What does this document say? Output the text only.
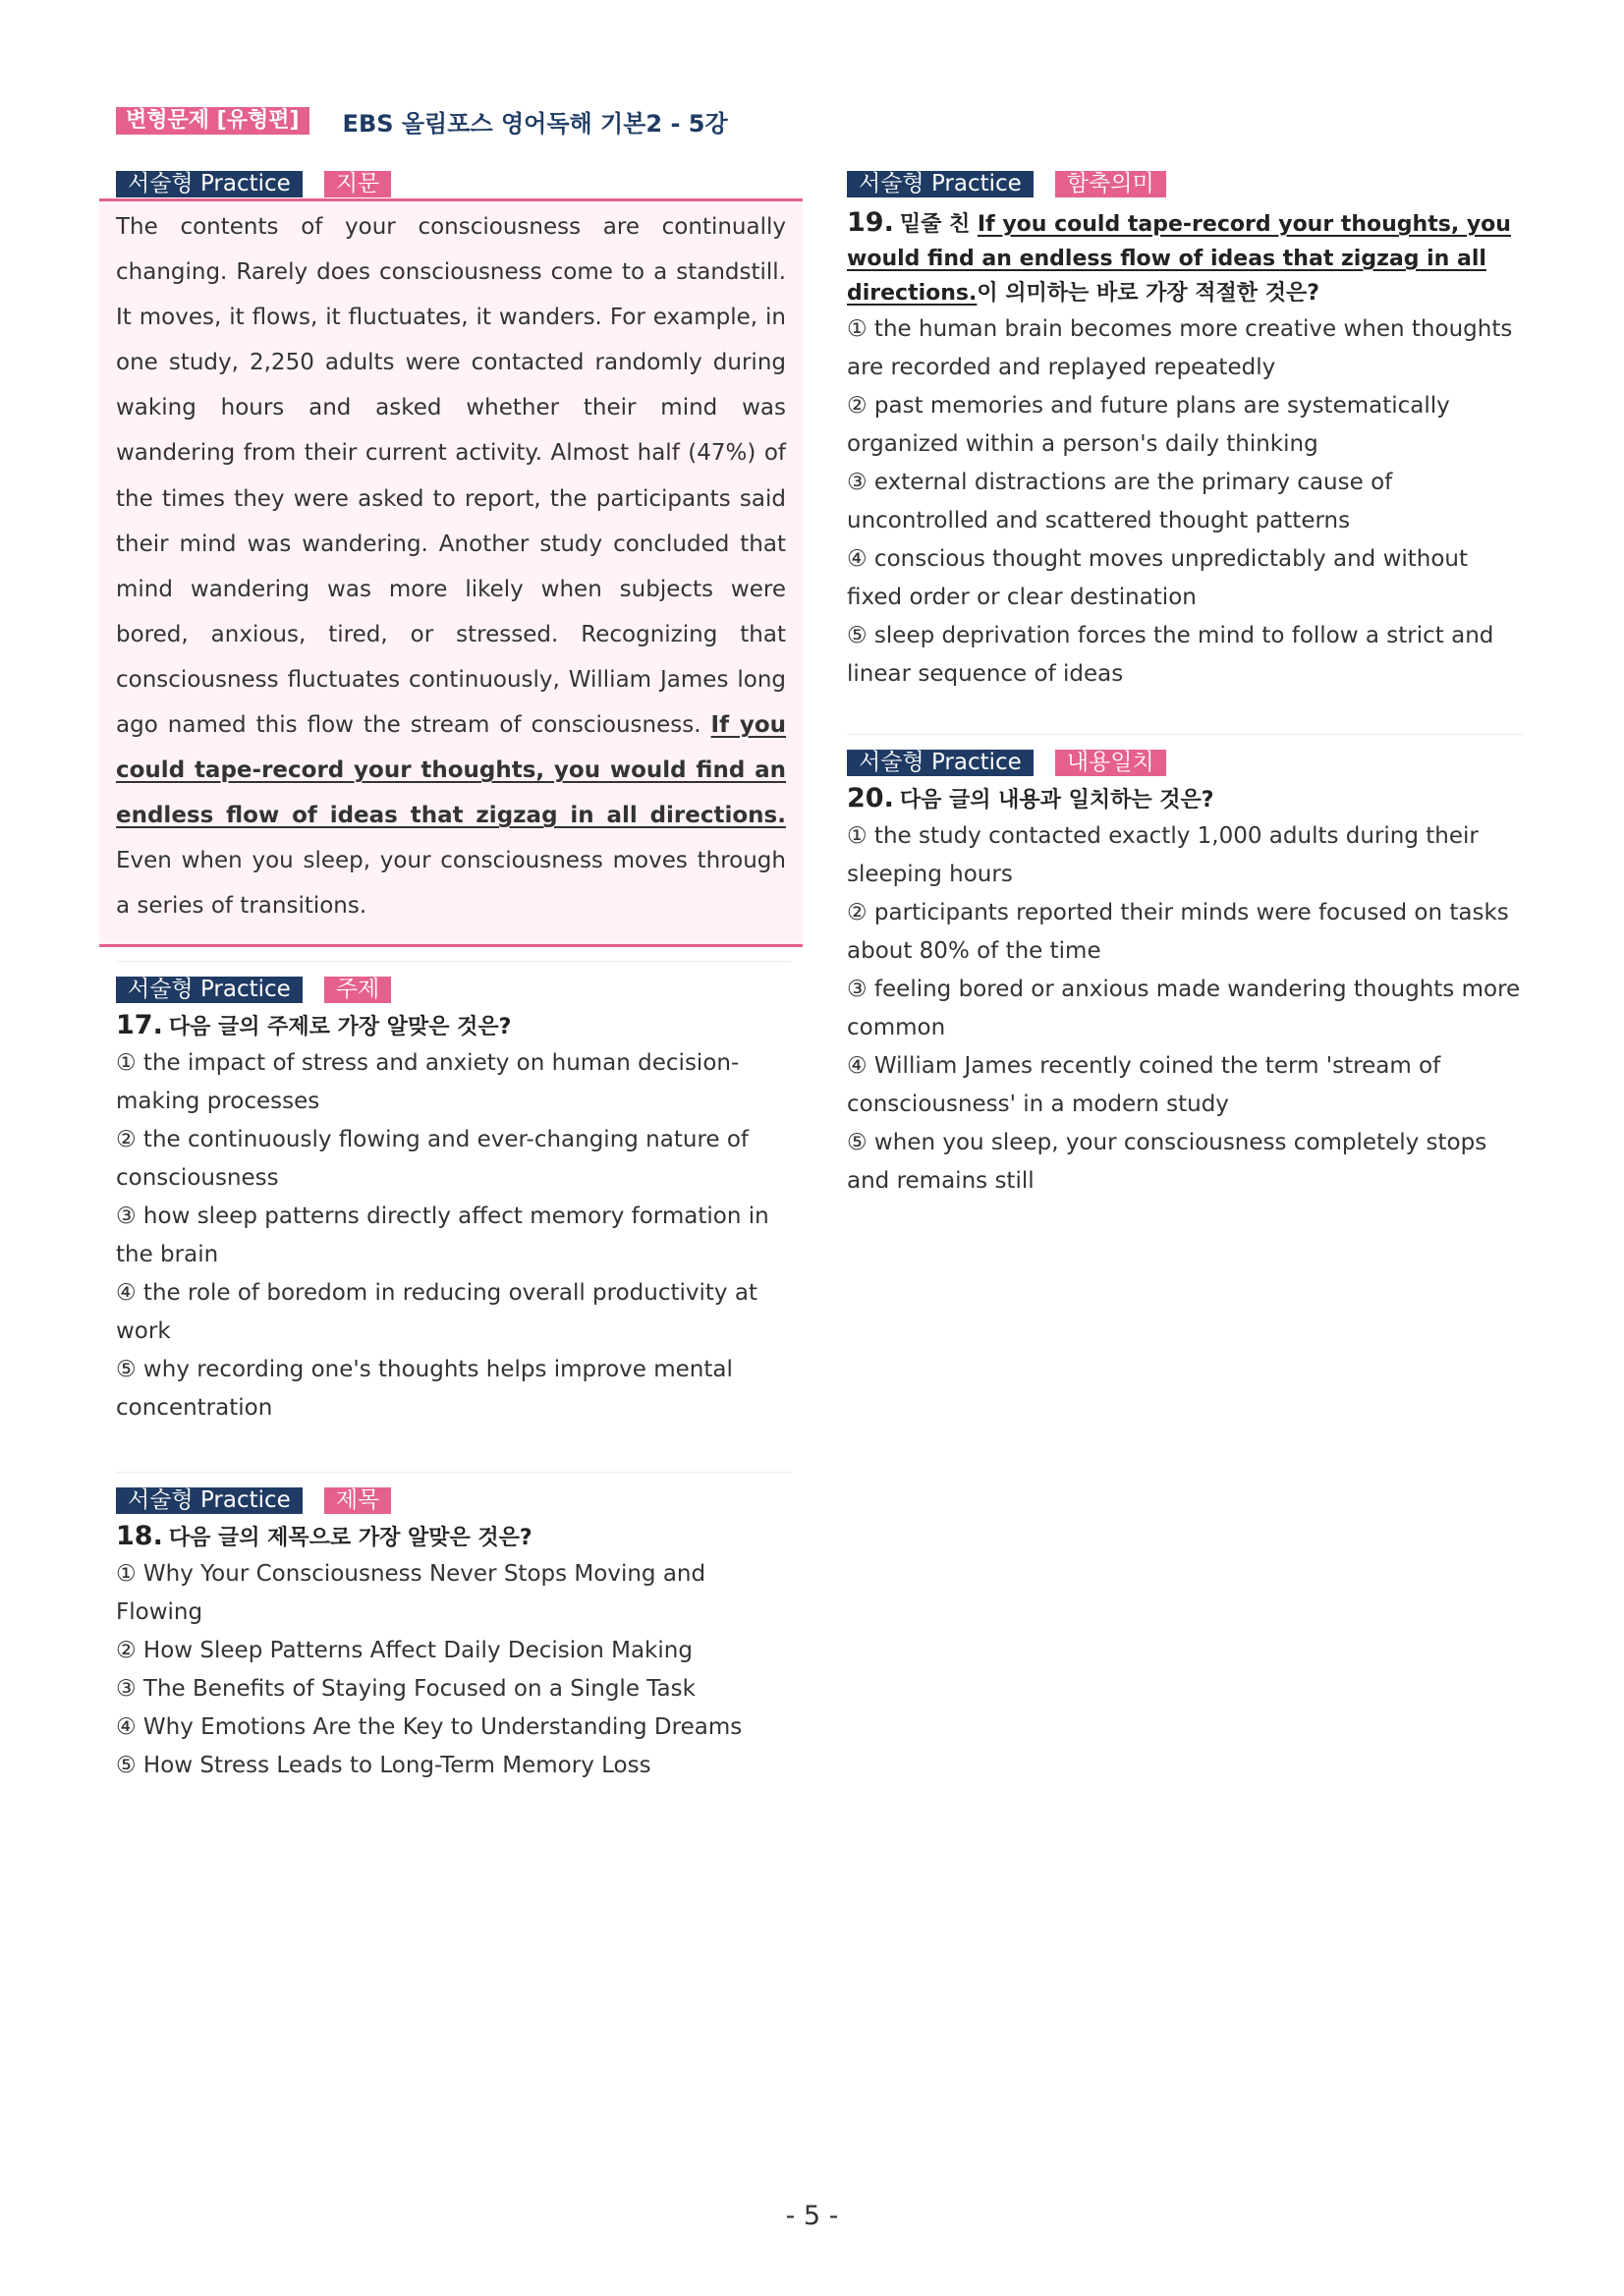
변형문제 [유형편]	EBS 올림포스 영어독해 기본2 - 5강
서술형 Practice	지문
The contents of your consciousness are continually changing. Rarely does consciousness come to a standstill. It moves, it flows, it fluctuates, it wanders. For example, in one study, 2,250 adults were contacted randomly during waking hours and asked whether their mind was wandering from their current activity. Almost half (47%) of the times they were asked to report, the participants said their mind was wandering. Another study concluded that mind wandering was more likely when subjects were bored, anxious, tired, or stressed. Recognizing that consciousness fluctuates continuously, William James long ago named this flow the stream of consciousness. If you could tape-record your thoughts, you would find an endless flow of ideas that zigzag in all directions. Even when you sleep, your consciousness moves through a series of transitions.
서술형 Practice	주제
17. 다음 글의 주제로 가장 알맞은 것은?
① the impact of stress and anxiety on human decision-making processes
② the continuously flowing and ever-changing nature of consciousness
③ how sleep patterns directly affect memory formation in the brain
④ the role of boredom in reducing overall productivity at work
⑤ why recording one's thoughts helps improve mental concentration
서술형 Practice	제목
18. 다음 글의 제목으로 가장 알맞은 것은?
① Why Your Consciousness Never Stops Moving and Flowing
② How Sleep Patterns Affect Daily Decision Making
③ The Benefits of Staying Focused on a Single Task
④ Why Emotions Are the Key to Understanding Dreams
⑤ How Stress Leads to Long-Term Memory Loss
서술형 Practice	함축의미
19. 밑줄 친 If you could tape-record your thoughts, you would find an endless flow of ideas that zigzag in all directions.이 의미하는 바로 가장 적절한 것은?
① the human brain becomes more creative when thoughts are recorded and replayed repeatedly
② past memories and future plans are systematically organized within a person's daily thinking
③ external distractions are the primary cause of uncontrolled and scattered thought patterns
④ conscious thought moves unpredictably and without fixed order or clear destination
⑤ sleep deprivation forces the mind to follow a strict and linear sequence of ideas
서술형 Practice	내용일치
20. 다음 글의 내용과 일치하는 것은?
① the study contacted exactly 1,000 adults during their sleeping hours
② participants reported their minds were focused on tasks about 80% of the time
③ feeling bored or anxious made wandering thoughts more common
④ William James recently coined the term 'stream of consciousness' in a modern study
⑤ when you sleep, your consciousness completely stops and remains still
- 5 -
